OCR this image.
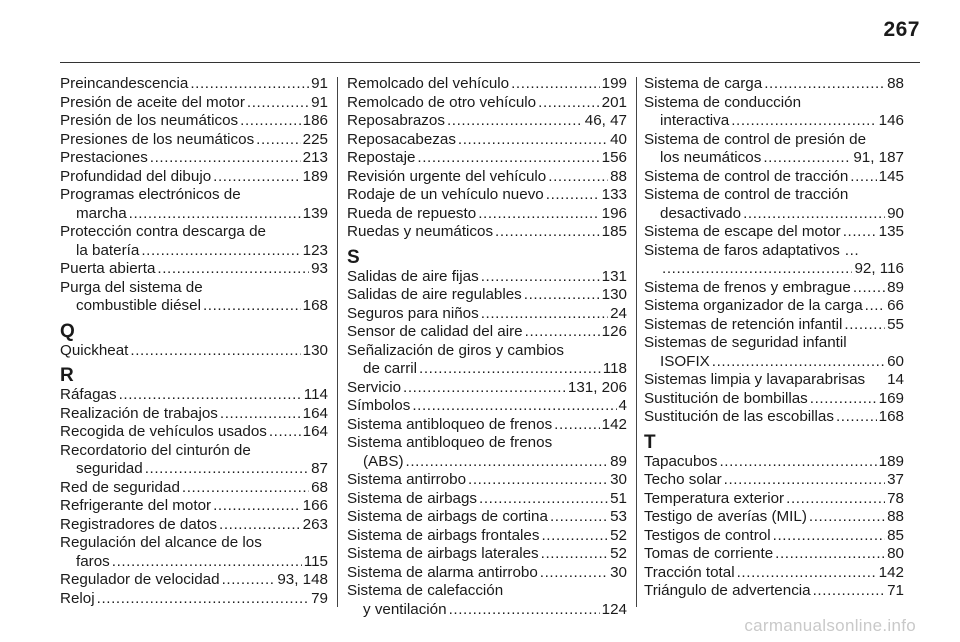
267
Preincandescencia .....	91
Presión de aceite del motor .....	91
Presión de los neumáticos .....	186
Presiones de los neumáticos .....	225
Prestaciones .....	213
Profundidad del dibujo .....	189
Programas electrónicos de
marcha .....	139
Protección contra descarga de
la batería .....	123
Puerta abierta .....	93
Purga del sistema de
combustible diésel .....	168
Q
Quickheat .....	130
R
Ráfagas .....	114
Realización de trabajos .....	164
Recogida de vehículos usados ..... 164
Recordatorio del cinturón de
seguridad .....	87
Red de seguridad .....	68
Refrigerante del motor .....	166
Registradores de datos .....	263
Regulación del alcance de los
faros .....	115
Regulador de velocidad .....	93, 148
Reloj .....	79
Remolcado del vehículo .....	199
Remolcado de otro vehículo .....	201
Reposabrazos .....	46, 47
Reposacabezas .....	40
Repostaje .....	156
Revisión urgente del vehículo .....	88
Rodaje de un vehículo nuevo .....	133
Rueda de repuesto .....	196
Ruedas y neumáticos .....	185
S
Salidas de aire fijas .....	131
Salidas de aire regulables .....	130
Seguros para niños .....	24
Sensor de calidad del aire .....	126
Señalización de giros y cambios
de carril .....	118
Servicio .....	131, 206
Símbolos .....	4
Sistema antibloqueo de frenos .....	142
Sistema antibloqueo de frenos
(ABS) .....	89
Sistema antirrobo .....	30
Sistema de airbags .....	51
Sistema de airbags de cortina .....	53
Sistema de airbags frontales .....	52
Sistema de airbags laterales .....	52
Sistema de alarma antirrobo .....	30
Sistema de calefacción
y ventilación .....	124
Sistema de carga .....	88
Sistema de conducción
interactiva .....	146
Sistema de control de presión de
los neumáticos .....	91, 187
Sistema de control de tracción ..... 145
Sistema de control de tracción
desactivado .....	90
Sistema de escape del motor ..... 135
Sistema de faros adaptativos …
.....
92, 116
Sistema de frenos y embrague ..... 89
Sistema organizador de la carga ..... 66
Sistemas de retención infantil .....	55
Sistemas de seguridad infantil
ISOFIX .....	60
Sistemas limpia y lavaparabrisas 14
Sustitución de bombillas .....	169
Sustitución de las escobillas .....	168
T
Tapacubos .....	189
Techo solar .....	37
Temperatura exterior .....	78
Testigo de averías (MIL) .....	88
Testigos de control .....	85
Tomas de corriente .....	80
Tracción total .....	142
Triángulo de advertencia .....	71
carmanualsonline.info
